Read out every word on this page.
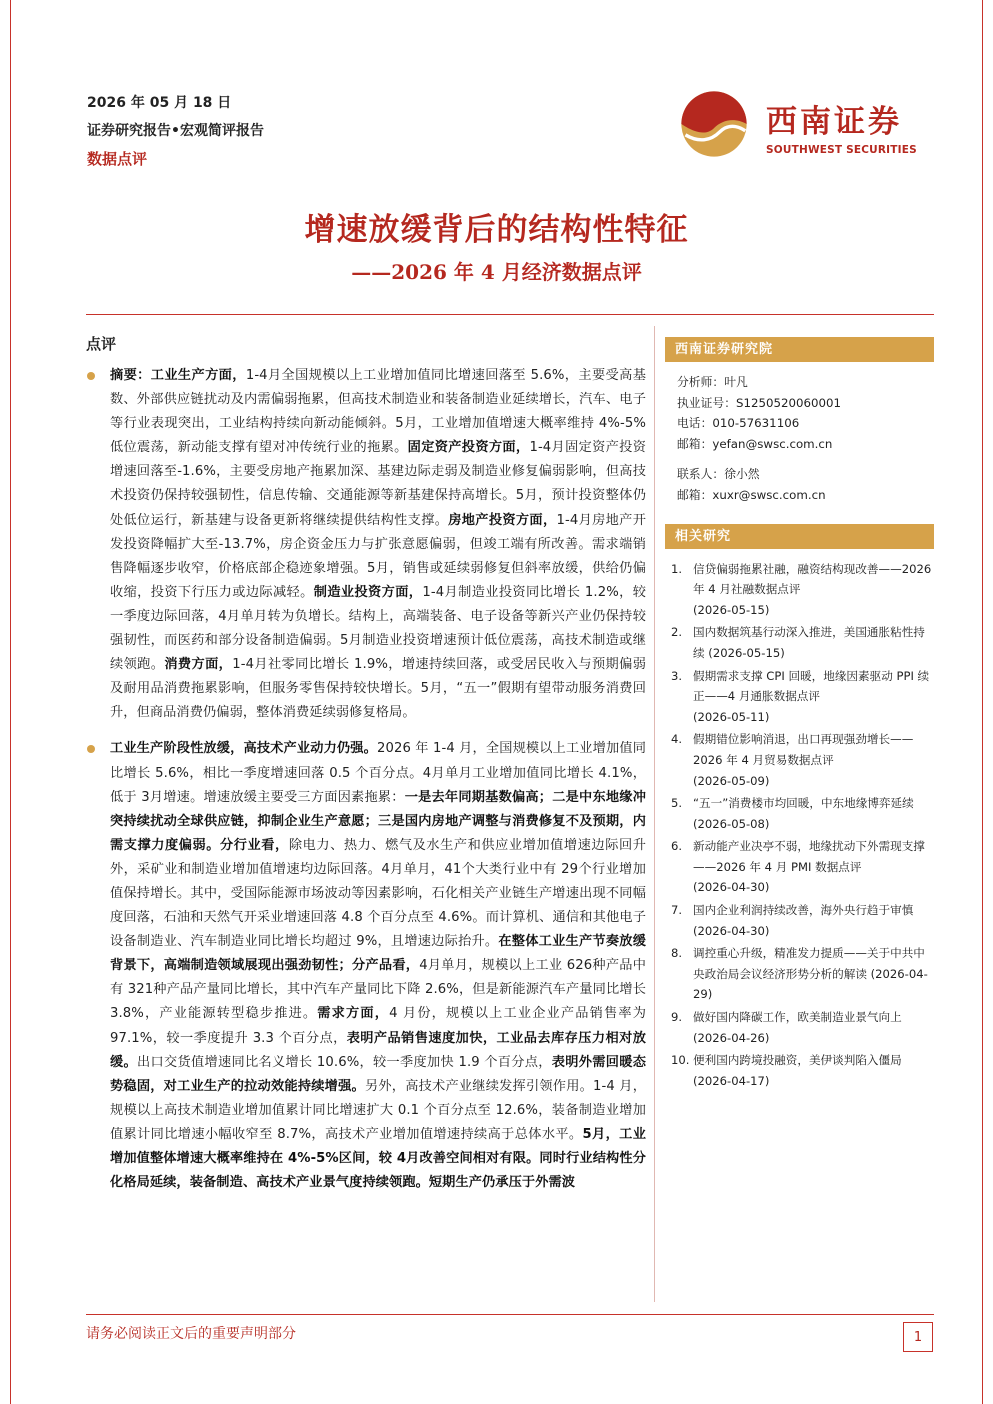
2026 年 05 月 18 日
证券研究报告•宏观简评报告
数据点评
西南证券
SOUTHWEST SECURITIES
增速放缓背后的结构性特征
——2026 年 4 月经济数据点评
点评
摘要：工业生产方面，1-4月全国规模以上工业增加值同比增速回落至 5.6%，主要受高基数、外部供应链扰动及内需偏弱拖累，但高技术制造业和装备制造业延续增长，汽车、电子等行业表现突出，工业结构持续向新动能倾斜。5月，工业增加值增速大概率维持 4%-5%低位震荡，新动能支撑有望对冲传统行业的拖累。固定资产投资方面，1-4月固定资产投资增速回落至-1.6%，主要受房地产拖累加深、基建边际走弱及制造业修复偏弱影响，但高技术投资仍保持较强韧性，信息传输、交通能源等新基建保持高增长。5月，预计投资整体仍处低位运行，新基建与设备更新将继续提供结构性支撑。房地产投资方面，1-4月房地产开发投资降幅扩大至-13.7%，房企资金压力与扩张意愿偏弱，但竣工端有所改善。需求端销售降幅逐步收窄，价格底部企稳迹象增强。5月，销售或延续弱修复但斜率放缓，供给仍偏收缩，投资下行压力或边际减轻。制造业投资方面，1-4月制造业投资同比增长 1.2%，较一季度边际回落，4月单月转为负增长。结构上，高端装备、电子设备等新兴产业仍保持较强韧性，而医药和部分设备制造偏弱。5月制造业投资增速预计低位震荡，高技术制造或继续领跑。消费方面，1-4月社零同比增长 1.9%，增速持续回落，或受居民收入与预期偏弱及耐用品消费拖累影响，但服务零售保持较快增长。5月，“五一”假期有望带动服务消费回升，但商品消费仍偏弱，整体消费延续弱修复格局。
工业生产阶段性放缓，高技术产业动力仍强。2026 年 1-4 月，全国规模以上工业增加值同比增长 5.6%，相比一季度增速回落 0.5 个百分点。4月单月工业增加值同比增长 4.1%，低于 3月增速。增速放缓主要受三方面因素拖累：一是去年同期基数偏高；二是中东地缘冲突持续扰动全球供应链，抑制企业生产意愿；三是国内房地产调整与消费修复不及预期，内需支撑力度偏弱。分行业看，除电力、热力、燃气及水生产和供应业增加值增速边际回升外，采矿业和制造业增加值增速均边际回落。4月单月，41个大类行业中有 29个行业增加值保持增长。其中，受国际能源市场波动等因素影响，石化相关产业链生产增速出现不同幅度回落，石油和天然气开采业增速回落 4.8 个百分点至 4.6%。而计算机、通信和其他电子设备制造业、汽车制造业同比增长均超过 9%，且增速边际抬升。在整体工业生产节奏放缓背景下，高端制造领域展现出强劲韧性；分产品看，4月单月，规模以上工业 626种产品中有 321种产品产量同比增长，其中汽车产量同比下降 2.6%，但是新能源汽车产量同比增长 3.8%，产业能源转型稳步推进。需求方面，4 月份，规模以上工业企业产品销售率为 97.1%，较一季度提升 3.3 个百分点，表明产品销售速度加快，工业品去库存压力相对放缓。出口交货值增速同比名义增长 10.6%，较一季度加快 1.9 个百分点，表明外需回暖态势稳固，对工业生产的拉动效能持续增强。另外，高技术产业继续发挥引领作用。1-4 月，规模以上高技术制造业增加值累计同比增速扩大 0.1 个百分点至 12.6%，装备制造业增加值累计同比增速小幅收窄至 8.7%，高技术产业增加值增速持续高于总体水平。5月，工业增加值整体增速大概率维持在 4%-5%区间，较 4月改善空间相对有限。同时行业结构性分化格局延续，装备制造、高技术产业景气度持续领跑。短期生产仍承压于外需波
西南证券研究院
分析师：叶凡
执业证号：S1250520060001
电话：010-57631106
邮箱：yefan@swsc.com.cn
联系人：徐小然
邮箱：xuxr@swsc.com.cn
相关研究
1. 信贷偏弱拖累社融，融资结构现改善——2026 年 4 月社融数据点评
(2026-05-15)
2. 国内数据筑基行动深入推进，美国通胀粘性持续 (2026-05-15)
3. 假期需求支撑 CPI 回暖，地缘因素驱动 PPI 续正——4 月通胀数据点评
(2026-05-11)
4. 假期错位影响消退，出口再现强劲增长——2026 年 4 月贸易数据点评
(2026-05-09)
5. “五一”消费楼市均回暖，中东地缘博弈延续 (2026-05-08)
6. 新动能产业决亭不弱，地缘扰动下外需现支撑——2026 年 4 月 PMI 数据点评
(2026-04-30)
7. 国内企业利润持续改善，海外央行趋于审慎 (2026-04-30)
8. 调控重心升级，精准发力提质——关于中共中央政治局会议经济形势分析的解读 (2026-04-29)
9. 做好国内降碳工作，欧美制造业景气向上 (2026-04-26)
10. 便利国内跨境投融资，美伊谈判陷入僵局 (2026-04-17)
请务必阅读正文后的重要声明部分	1
